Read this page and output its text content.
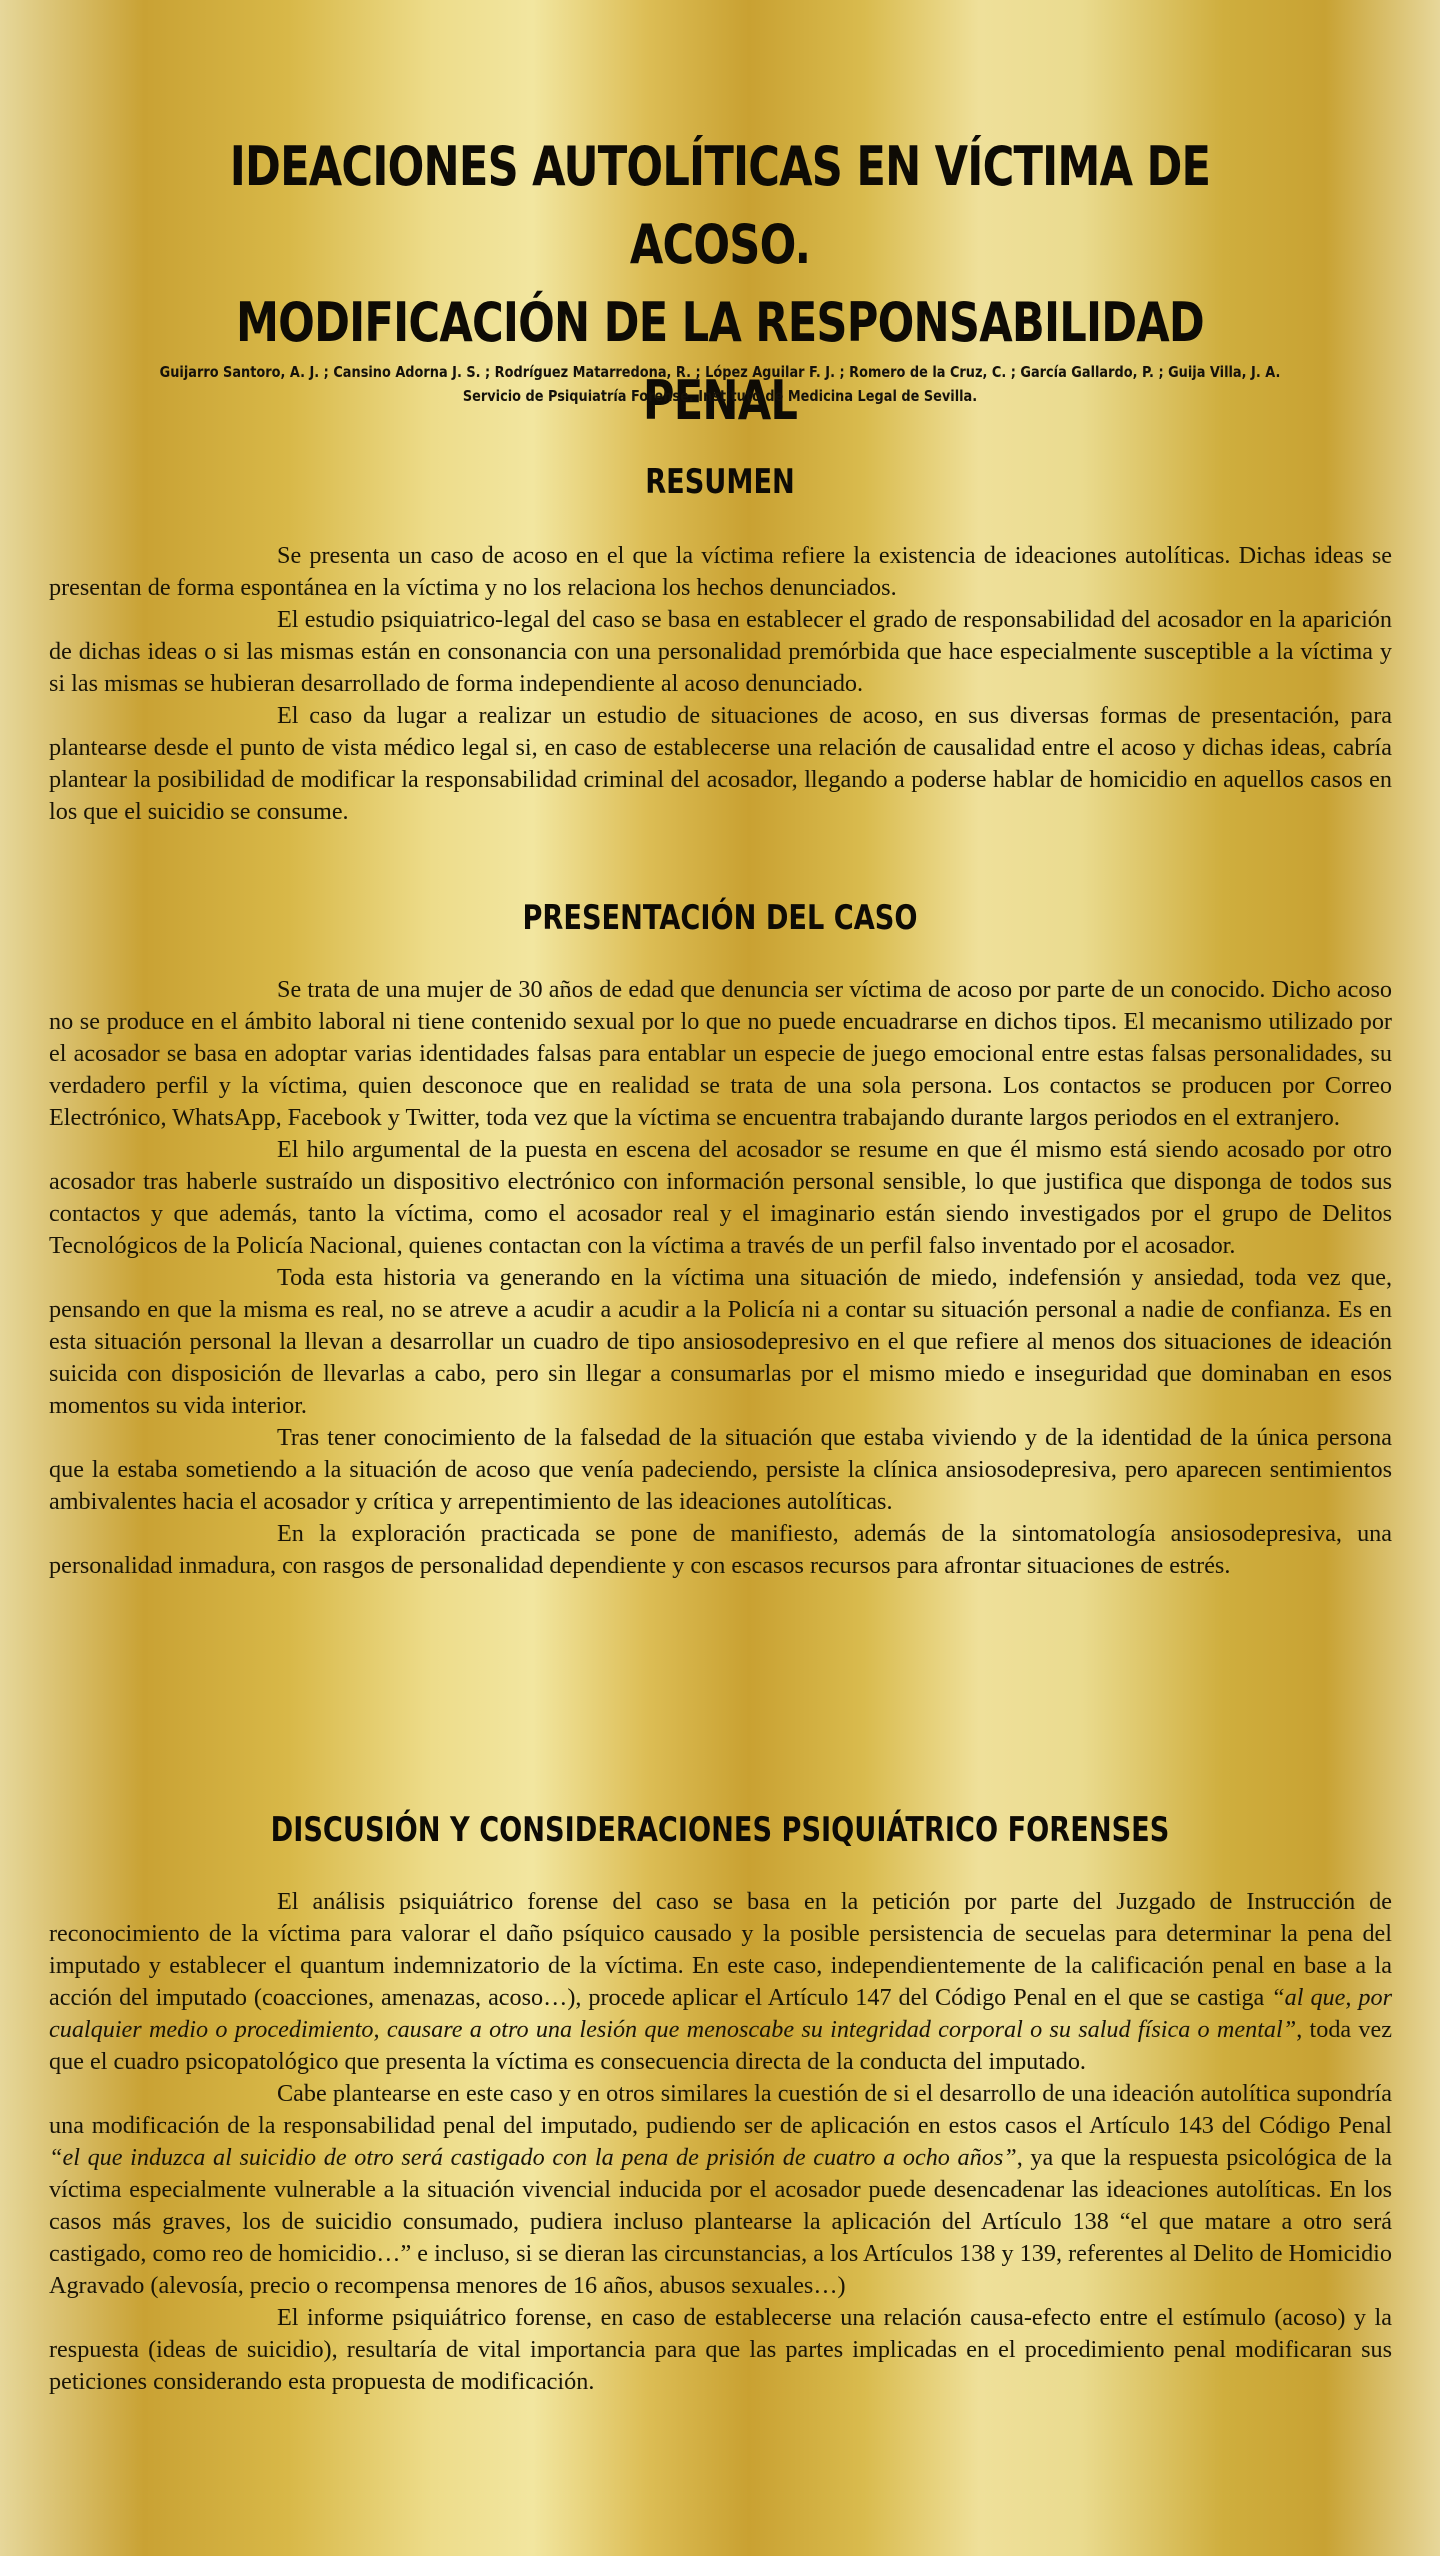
IDEACIONES AUTOLÍTICAS EN VÍCTIMA DE ACOSO.
MODIFICACIÓN DE LA RESPONSABILIDAD PENAL
Guijarro Santoro, A. J. ; Cansino Adorna J. S. ; Rodríguez Matarredona, R. ; López Aguilar F. J. ; Romero de la Cruz, C. ; García Gallardo, P. ; Guija Villa, J. A.
Servicio de Psiquiatría Forense. Instituto de Medicina Legal de Sevilla.
RESUMEN

Se presenta un caso de acoso en el que la víctima refiere la existencia de ideaciones autolíticas. Dichas ideas se presentan de forma espontánea en la víctima y no los relaciona los hechos denunciados.

El estudio psiquiatrico-legal del caso se basa en establecer el grado de responsabilidad del acosador en la aparición de dichas ideas o si las mismas están en consonancia con una personalidad premórbida que hace especialmente susceptible a la víctima y si las mismas se hubieran desarrollado de forma independiente al acoso denunciado.

El caso da lugar a realizar un estudio de situaciones de acoso, en sus diversas formas de presentación, para plantearse desde el punto de vista médico legal si, en caso de establecerse una relación de causalidad entre el acoso y dichas ideas, cabría plantear la posibilidad de modificar la responsabilidad criminal del acosador, llegando a poderse hablar de homicidio en aquellos casos en los que el suicidio se consume.

PRESENTACIÓN DEL CASO

Se trata de una mujer de 30 años de edad que denuncia ser víctima de acoso por parte de un conocido. Dicho acoso no se produce en el ámbito laboral ni tiene contenido sexual por lo que no puede encuadrarse en dichos tipos. El mecanismo utilizado por el acosador se basa en adoptar varias identidades falsas para entablar un especie de juego emocional entre estas falsas personalidades, su verdadero perfil y la víctima, quien desconoce que en realidad se trata de una sola persona. Los contactos se producen por Correo Electrónico, WhatsApp, Facebook y Twitter, toda vez que la víctima se encuentra trabajando durante largos periodos en el extranjero.

El hilo argumental de la puesta en escena del acosador se resume en que él mismo está siendo acosado por otro acosador tras haberle sustraído un dispositivo electrónico con información personal sensible, lo que justifica que disponga de todos sus contactos y que además, tanto la víctima, como el acosador real y el imaginario están siendo investigados por el grupo de Delitos Tecnológicos de la Policía Nacional, quienes contactan con la víctima a través de un perfil falso inventado por el acosador.

Toda esta historia va generando en la víctima una situación de miedo, indefensión y ansiedad, toda vez que, pensando en que la misma es real, no se atreve a acudir a acudir a la Policía ni a contar su situación personal a nadie de confianza. Es en esta situación personal la llevan a desarrollar un cuadro de tipo ansiosodepresivo en el que refiere al menos dos situaciones de ideación suicida con disposición de llevarlas a cabo, pero sin llegar a consumarlas por el mismo miedo e inseguridad que dominaban en esos momentos su vida interior.

Tras tener conocimiento de la falsedad de la situación que estaba viviendo y de la identidad de la única persona que la estaba sometiendo a la situación de acoso que venía padeciendo, persiste la clínica ansiosodepresiva, pero aparecen sentimientos ambivalentes hacia el acosador y crítica y arrepentimiento de las ideaciones autolíticas.

En la exploración practicada se pone de manifiesto, además de la sintomatología ansiosodepresiva, una personalidad inmadura, con rasgos de personalidad dependiente y con escasos recursos para afrontar situaciones de estrés.

DISCUSIÓN Y CONSIDERACIONES PSIQUIÁTRICO FORENSES

El análisis psiquiátrico forense del caso se basa en la petición por parte del Juzgado de Instrucción de reconocimiento de la víctima para valorar el daño psíquico causado y la posible persistencia de secuelas para determinar la pena del imputado y establecer el quantum indemnizatorio de la víctima. En este caso, independientemente de la calificación penal en base a la acción del imputado (coacciones, amenazas, acoso…), procede aplicar el Artículo 147 del Código Penal en el que se castiga “al que, por cualquier medio o procedimiento, causare a otro una lesión que menoscabe su integridad corporal o su salud física o mental”, toda vez que el cuadro psicopatológico que presenta la víctima es consecuencia directa de la conducta del imputado.

Cabe plantearse en este caso y en otros similares la cuestión de si el desarrollo de una ideación autolítica supondría una modificación de la responsabilidad penal del imputado, pudiendo ser de aplicación en estos casos el Artículo 143 del Código Penal “el que induzca al suicidio de otro será castigado con la pena de prisión de cuatro a ocho años”, ya que la respuesta psicológica de la víctima especialmente vulnerable a la situación vivencial inducida por el acosador puede desencadenar las ideaciones autolíticas. En los casos más graves, los de suicidio consumado, pudiera incluso plantearse la aplicación del Artículo 138 “el que matare a otro será castigado, como reo de homicidio…” e incluso, si se dieran las circunstancias, a los Artículos 138 y 139, referentes al Delito de Homicidio Agravado (alevosía, precio o recompensa menores de 16 años, abusos sexuales…)

El informe psiquiátrico forense, en caso de establecerse una relación causa-efecto entre el estímulo (acoso) y la respuesta (ideas de suicidio), resultaría de vital importancia para que las partes implicadas en el procedimiento penal modificaran sus peticiones considerando esta propuesta de modificación.
